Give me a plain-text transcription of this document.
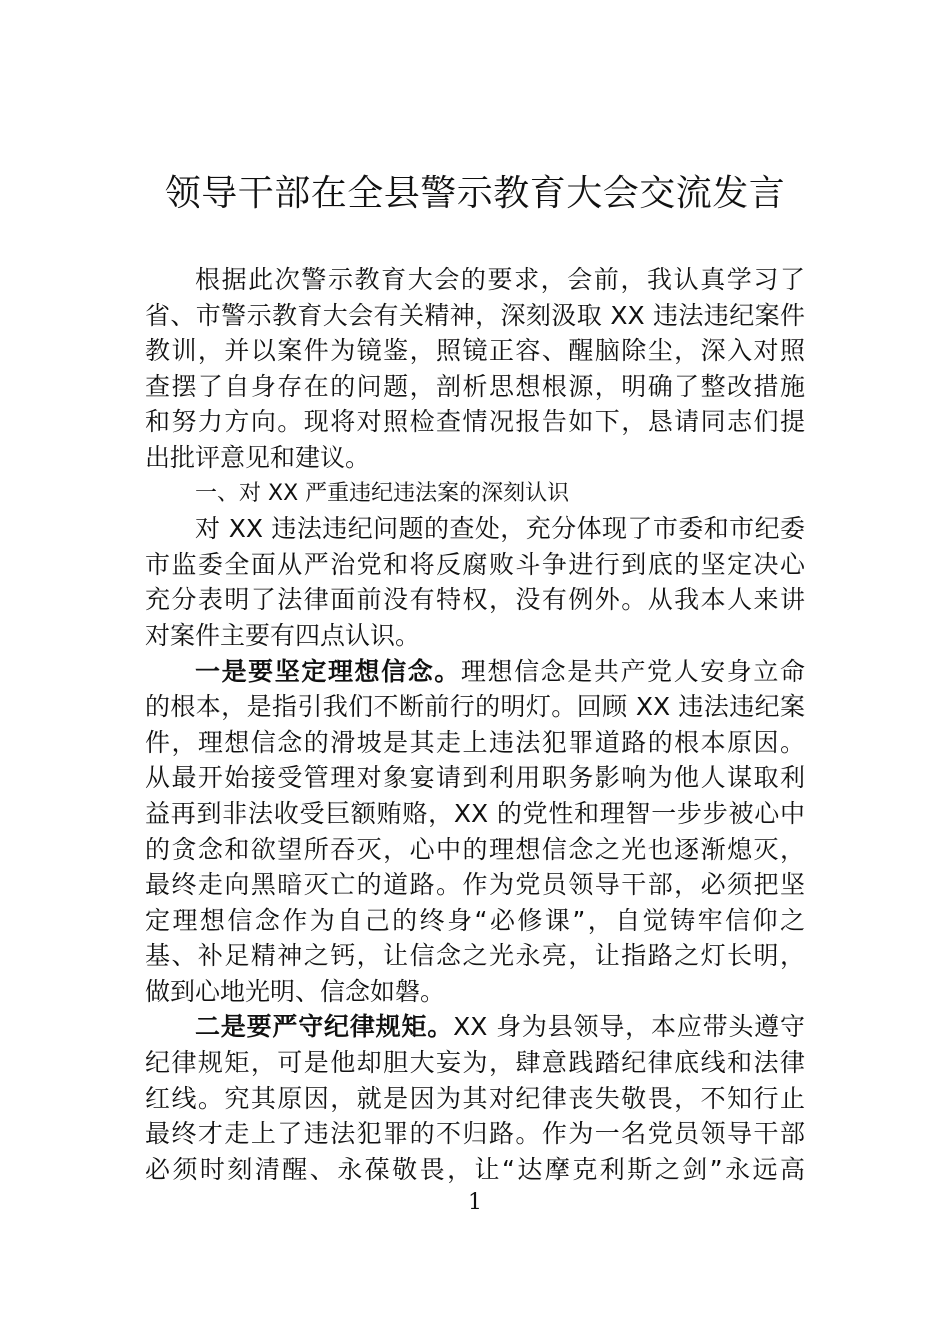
领导干部在全县警示教育大会交流发言
根据此次警示教育大会的要求，会前，我认真学习了
省、市警示教育大会有关精神，深刻汲取 XX 违法违纪案件
教训，并以案件为镜鉴，照镜正容、醒脑除尘，深入对照
查摆了自身存在的问题，剖析思想根源，明确了整改措施
和努力方向。现将对照检查情况报告如下，恳请同志们提
出批评意见和建议。
一、对 XX 严重违纪违法案的深刻认识
对 XX 违法违纪问题的查处，充分体现了市委和市纪委
市监委全面从严治党和将反腐败斗争进行到底的坚定决心
充分表明了法律面前没有特权，没有例外。从我本人来讲
对案件主要有四点认识。
一是要坚定理想信念。理想信念是共产党人安身立命
的根本，是指引我们不断前行的明灯。回顾 XX 违法违纪案
件，理想信念的滑坡是其走上违法犯罪道路的根本原因。
从最开始接受管理对象宴请到利用职务影响为他人谋取利
益再到非法收受巨额贿赂，XX 的党性和理智一步步被心中
的贪念和欲望所吞灭，心中的理想信念之光也逐渐熄灭，
最终走向黑暗灭亡的道路。作为党员领导干部，必须把坚
定理想信念作为自己的终身“必修课”，自觉铸牢信仰之
基、补足精神之钙，让信念之光永亮，让指路之灯长明，
做到心地光明、信念如磐。
二是要严守纪律规矩。XX 身为县领导，本应带头遵守
纪律规矩，可是他却胆大妄为，肆意践踏纪律底线和法律
红线。究其原因，就是因为其对纪律丧失敬畏，不知行止
最终才走上了违法犯罪的不归路。作为一名党员领导干部
必须时刻清醒、永葆敬畏，让“达摩克利斯之剑”永远高
1
